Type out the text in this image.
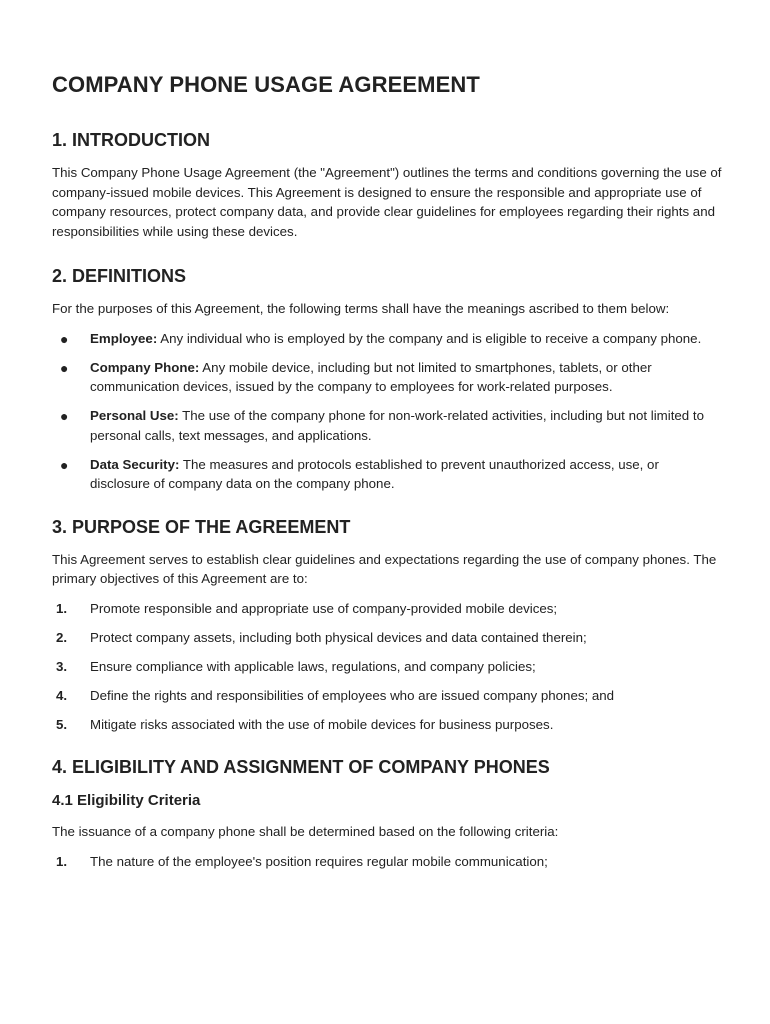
COMPANY PHONE USAGE AGREEMENT
1. INTRODUCTION

This Company Phone Usage Agreement (the "Agreement") outlines the terms and conditions governing the use of company-issued mobile devices. This Agreement is designed to ensure the responsible and appropriate use of company resources, protect company data, and provide clear guidelines for employees regarding their rights and responsibilities while using these devices.

2. DEFINITIONS

For the purposes of this Agreement, the following terms shall have the meanings ascribed to them below:

● Employee: Any individual who is employed by the company and is eligible to receive a company phone.
● Company Phone: Any mobile device, including but not limited to smartphones, tablets, or other communication devices, issued by the company to employees for work-related purposes.
● Personal Use: The use of the company phone for non-work-related activities, including but not limited to personal calls, text messages, and applications.
● Data Security: The measures and protocols established to prevent unauthorized access, use, or disclosure of company data on the company phone.
3. PURPOSE OF THE AGREEMENT

This Agreement serves to establish clear guidelines and expectations regarding the use of company phones. The primary objectives of this Agreement are to:

1. Promote responsible and appropriate use of company-provided mobile devices;
2. Protect company assets, including both physical devices and data contained therein;
3. Ensure compliance with applicable laws, regulations, and company policies;
4. Define the rights and responsibilities of employees who are issued company phones; and
5. Mitigate risks associated with the use of mobile devices for business purposes.
4. ELIGIBILITY AND ASSIGNMENT OF COMPANY PHONES
4.1 Eligibility Criteria

The issuance of a company phone shall be determined based on the following criteria:

1. The nature of the employee's position requires regular mobile communication;
